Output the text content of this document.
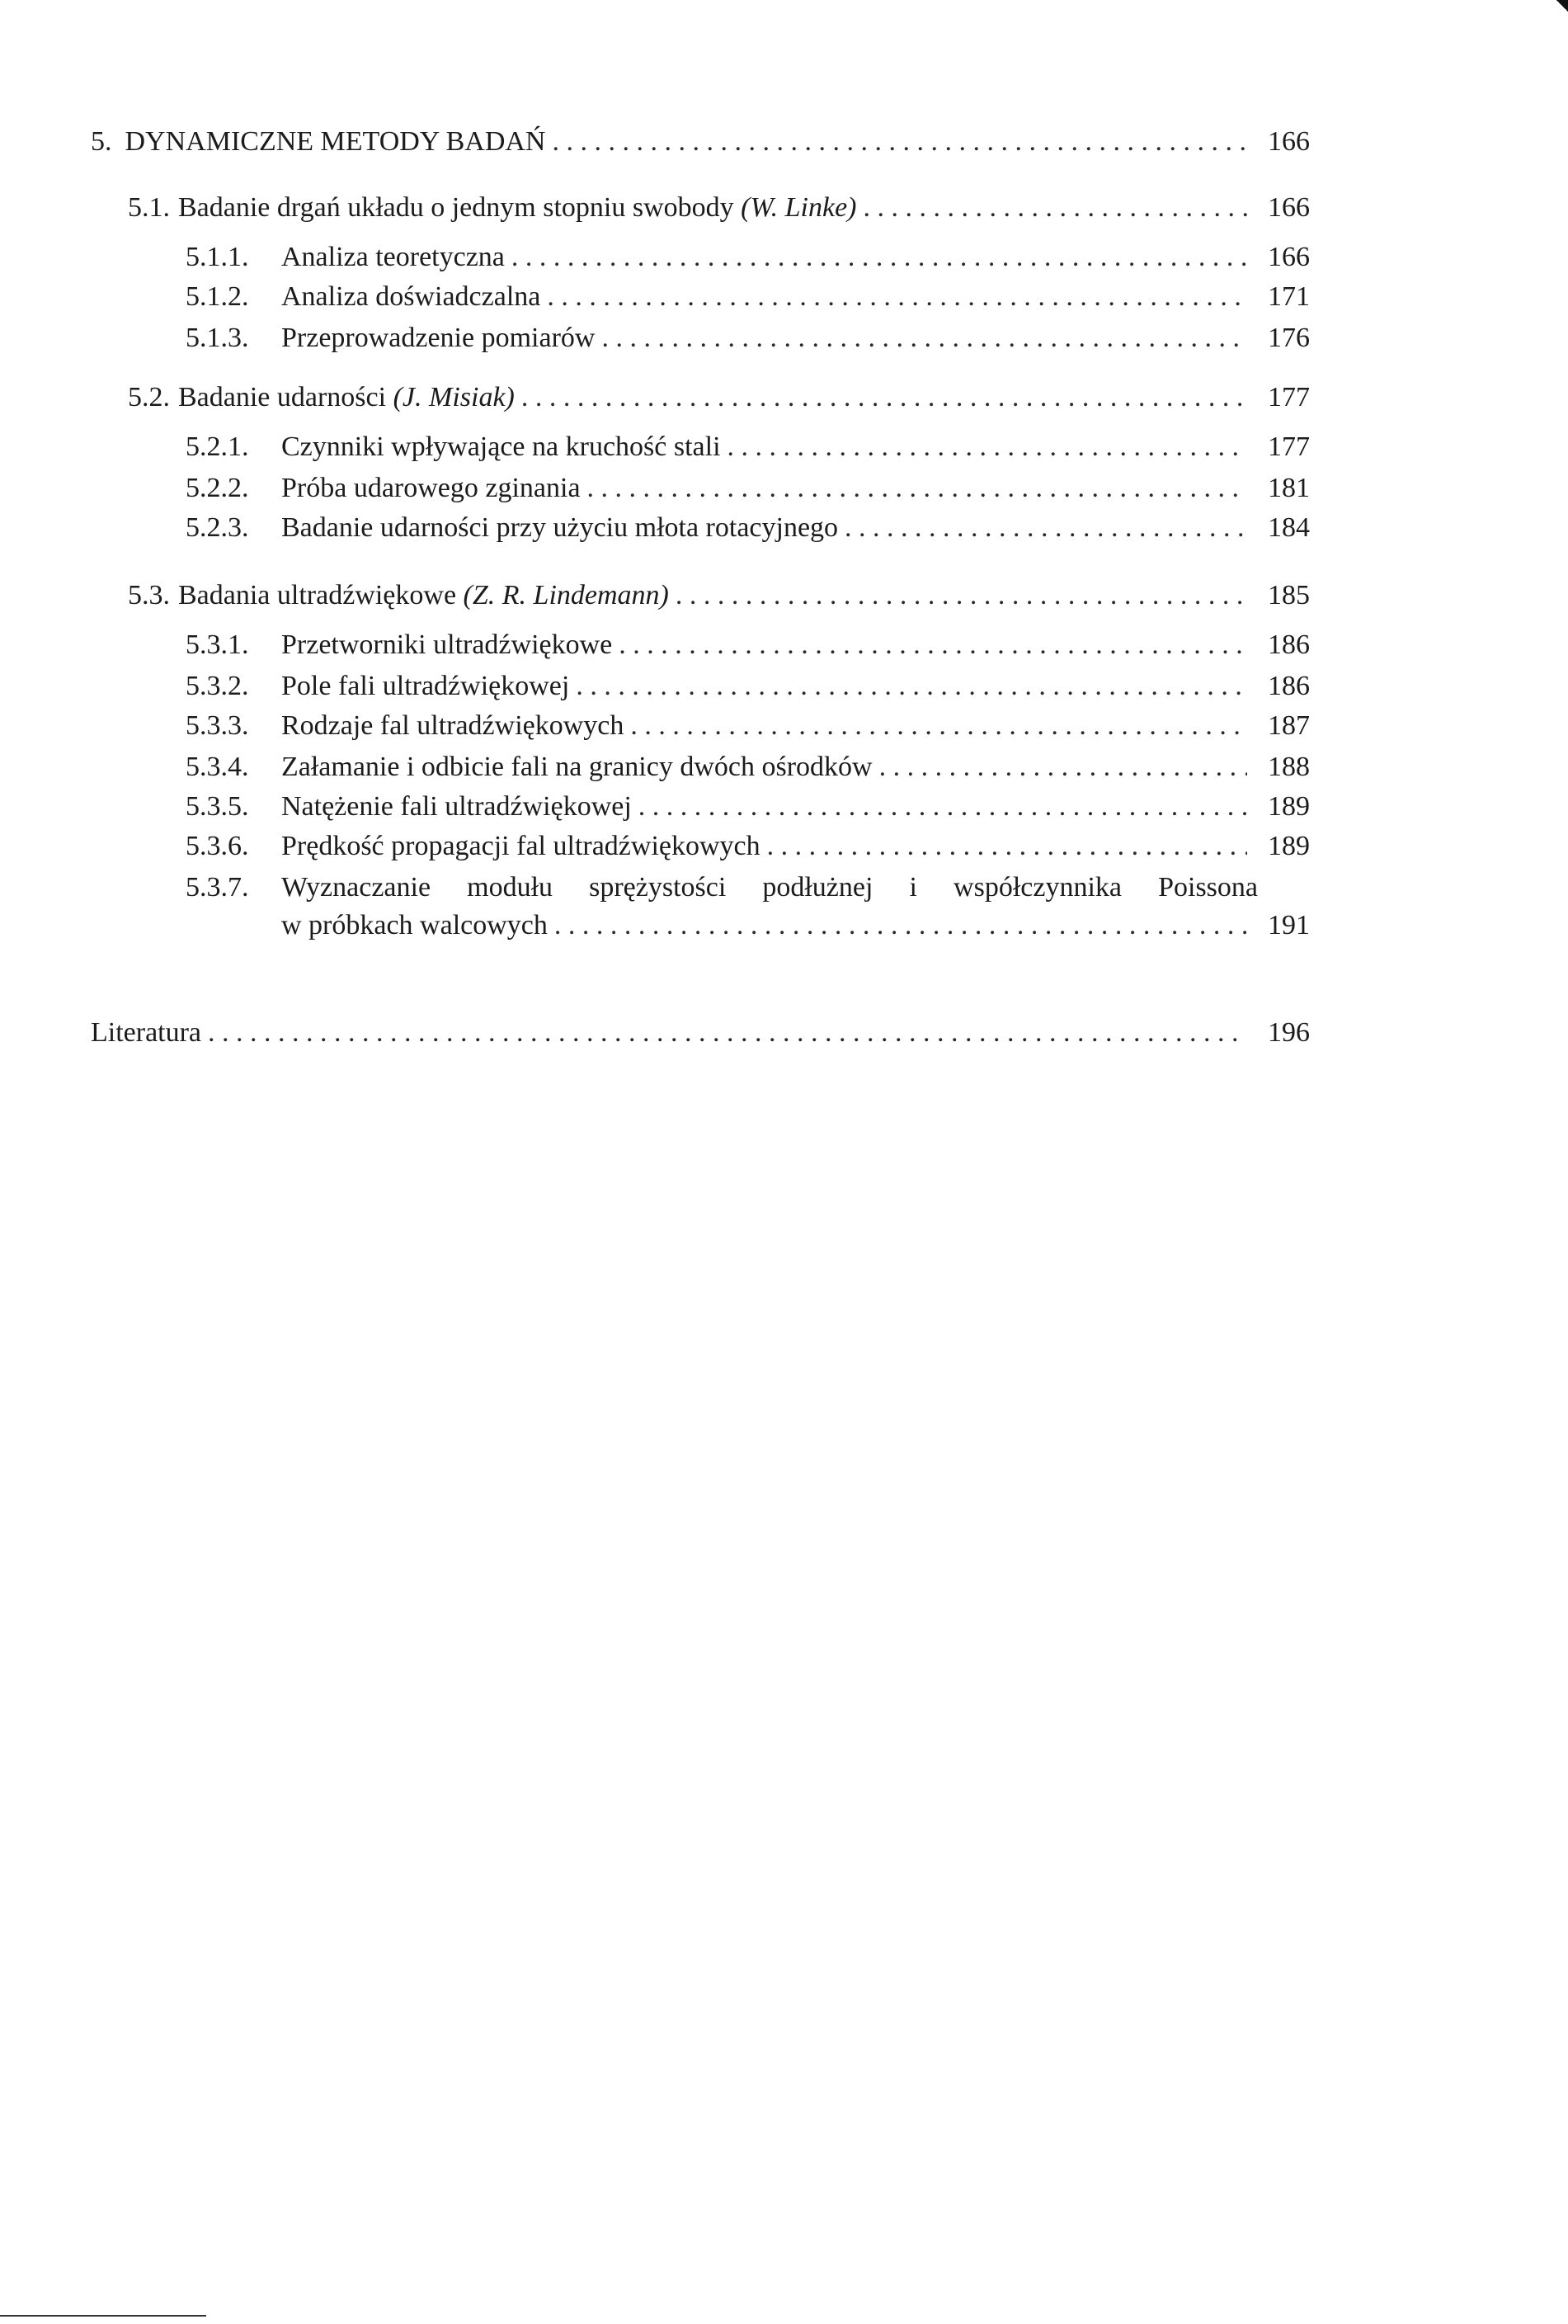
5. DYNAMICZNE METODY BADAŃ . . .	166
5.1. Badanie drgań układu o jednym stopniu swobody (W. Linke) . . .	166
5.1.1.	Analiza teoretyczna . . .	166
5.1.2.	Analiza doświadczalna . . .	171
5.1.3.	Przeprowadzenie pomiarów . . .	176
5.2. Badanie udarności (J. Misiak) . . .	177
5.2.1.	Czynniki wpływające na kruchość stali . . .	177
5.2.2.	Próba udarowego zginania . . .	181
5.2.3.	Badanie udarności przy użyciu młota rotacyjnego . . .	184
5.3. Badania ultradźwiękowe (Z. R. Lindemann) . . .	185
5.3.1.	Przetworniki ultradźwiękowe . . .	186
5.3.2.	Pole fali ultradźwiękowej . . .	186
5.3.3.	Rodzaje fal ultradźwiękowych . . .	187
5.3.4.	Załamanie i odbicie fali na granicy dwóch ośrodków . . .	188
5.3.5.	Natężenie fali ultradźwiękowej . . .	189
5.3.6.	Prędkość propagacji fal ultradźwiękowych . . .	189
5.3.7.	Wyznaczanie modułu sprężystości podłużnej i współczynnika Poissona
w próbkach walcowych . . .	191
Literatura . . .	196
